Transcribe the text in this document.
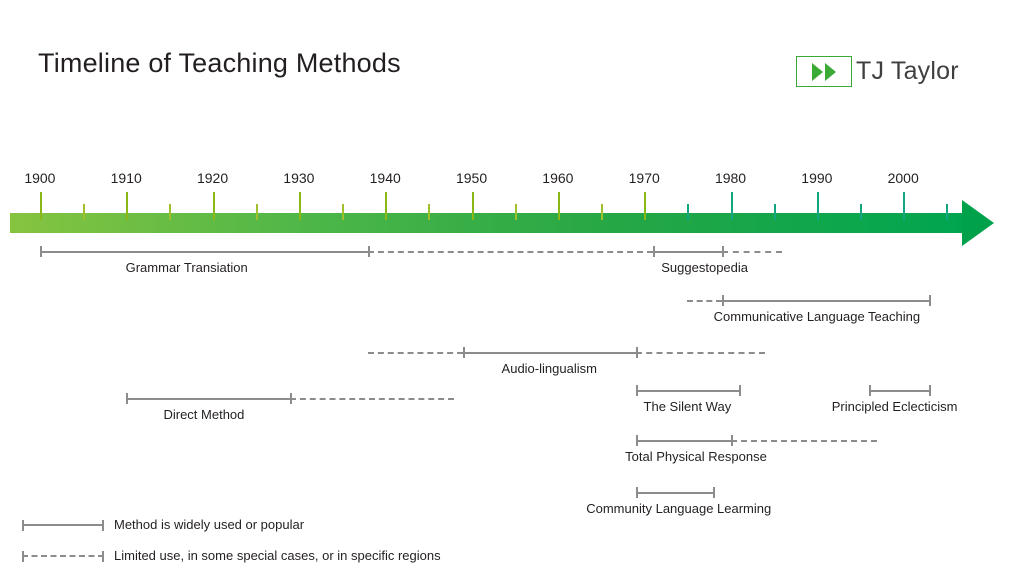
Timeline of Teaching Methods	TJ Taylor
1900	1910	1920	1930	1940	1950	1960	1970	1980	1990	2000
Grammar Transiation	Suggestopedia
Communicative Language Teaching
Audio-lingualism
Direct Method
The Silent Way	Principled Eclecticism
Total Physical Response
Community Language Learming
Method is widely used or popular
Limited use, in some special cases, or in specific regions
